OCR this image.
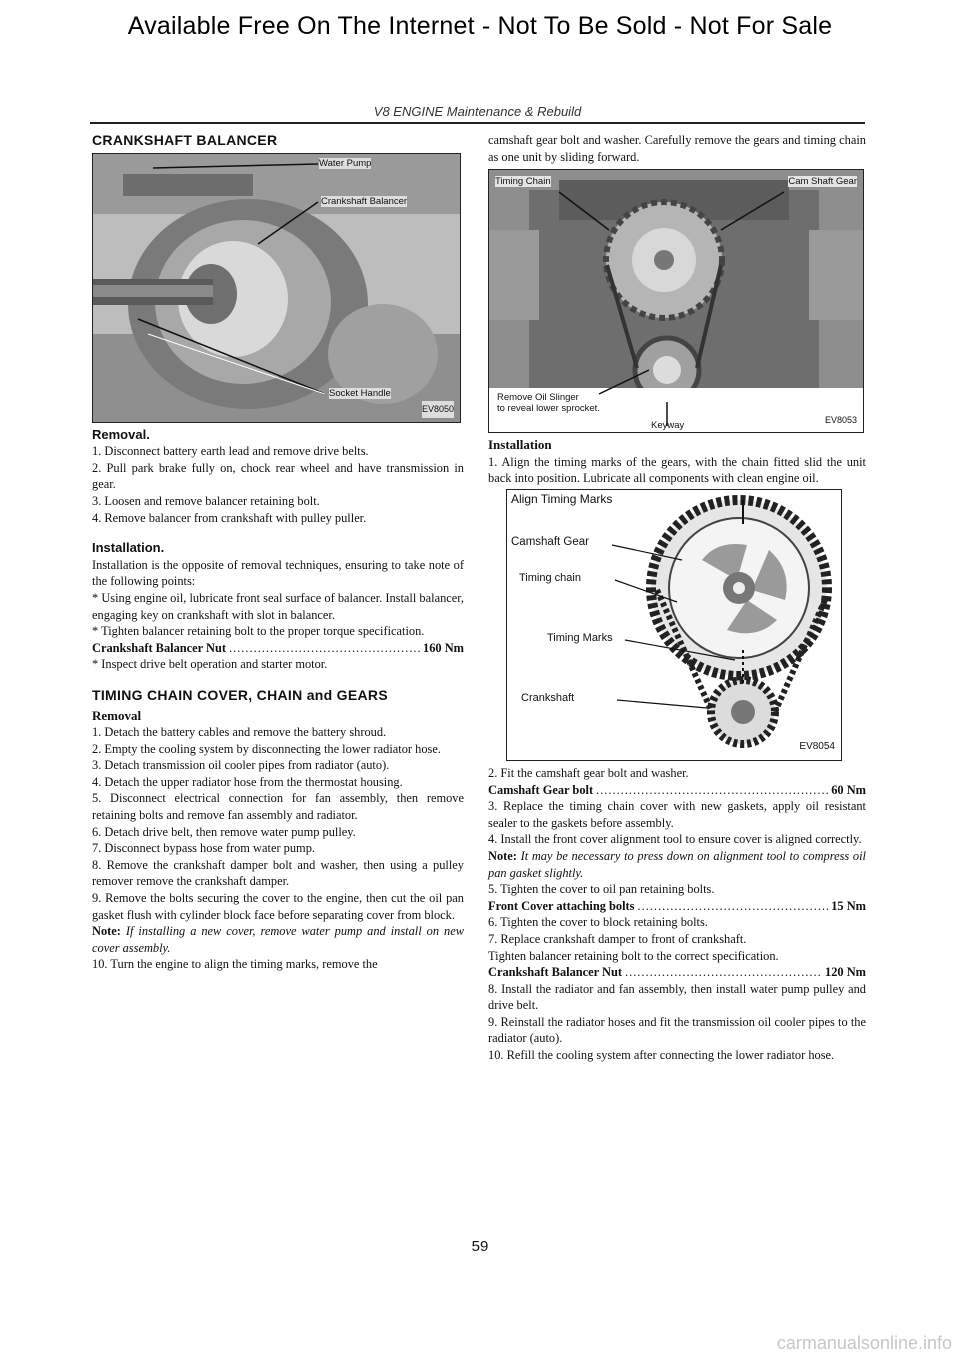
Available Free On The Internet - Not To Be Sold - Not For Sale
V8 ENGINE Maintenance & Rebuild
CRANKSHAFT BALANCER
Water Pump
Crankshaft Balancer
Socket Handle
EV8050

Removal.

1. Disconnect battery earth lead and remove drive belts.

2. Pull park brake fully on, chock rear wheel and have transmission in gear.

3. Loosen and remove balancer retaining bolt.

4. Remove balancer from crankshaft with pulley puller.

Installation.

Installation is the opposite of removal techniques, ensuring to take note of the following points:

* Using engine oil, lubricate front seal surface of balancer. Install balancer, engaging key on crankshaft with slot in balancer.

* Tighten balancer retaining bolt to the proper torque specification.

Crankshaft Balancer Nut .....	160 Nm

* Inspect drive belt operation and starter motor.

TIMING CHAIN COVER, CHAIN and GEARS

Removal

1. Detach the battery cables and remove the battery shroud.

2. Empty the cooling system by disconnecting the lower radiator hose.

3. Detach transmission oil cooler pipes from radiator (auto).

4. Detach the upper radiator hose from the thermostat housing.

5. Disconnect electrical connection for fan assembly, then remove retaining bolts and remove fan assembly and radiator.

6. Detach drive belt, then remove water pump pulley.

7. Disconnect bypass hose from water pump.

8. Remove the crankshaft damper bolt and washer, then using a pulley remover remove the crankshaft damper.

9. Remove the bolts securing the cover to the engine, then cut the oil pan gasket flush with cylinder block face before separating cover from block.

Note: If installing a new cover, remove water pump and install on new cover assembly.

10. Turn the engine to align the timing marks, remove the

camshaft gear bolt and washer. Carefully remove the gears and timing chain as one unit by sliding forward.

Timing Chain	Cam Shaft Gear
Remove Oil Slinger
to reveal lower sprocket.
Keyway
EV8053

Installation

1. Align the timing marks of the gears, with the chain fitted slid the unit back into position. Lubricate all components with clean engine oil.

Align Timing Marks
Camshaft Gear
Timing chain
Timing Marks
Crankshaft
EV8054

2. Fit the camshaft gear bolt and washer.

Camshaft Gear bolt .....	60 Nm

3. Replace the timing chain cover with new gaskets, apply oil resistant sealer to the gaskets before assembly.

4. Install the front cover alignment tool to ensure cover is aligned correctly.

Note: It may be necessary to press down on alignment tool to compress oil pan gasket slightly.

5. Tighten the cover to oil pan retaining bolts.

Front Cover attaching bolts .....	15 Nm

6. Tighten the cover to block retaining bolts.

7. Replace crankshaft damper to front of crankshaft.

Tighten balancer retaining bolt to the correct specification.

Crankshaft Balancer Nut .....	120 Nm

8. Install the radiator and fan assembly, then install water pump pulley and drive belt.

9. Reinstall the radiator hoses and fit the transmission oil cooler pipes to the radiator (auto).

10. Refill the cooling system after connecting the lower radiator hose.

59
carmanualsonline.info
